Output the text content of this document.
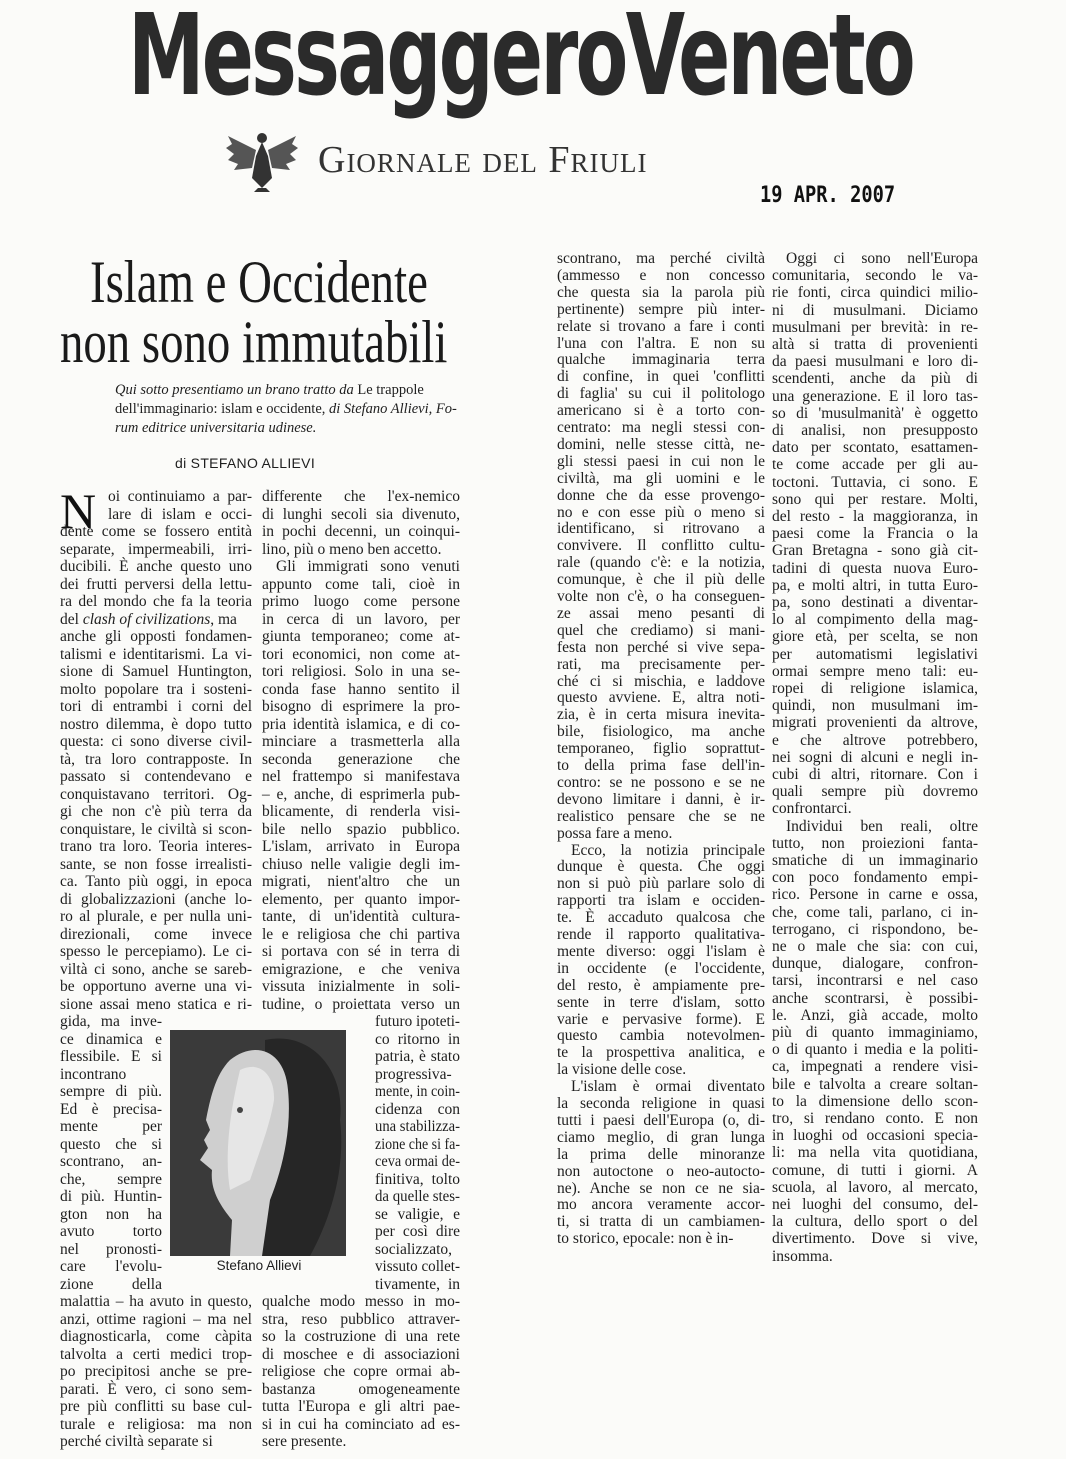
MessaggeroVeneto
Giornale del Friuli
19 APR. 2007
Islam e Occidente
non sono immutabili
Qui sotto presentiamo un brano tratto da Le trappole
dell'immaginario: islam e occidente, di Stefano Allievi, Fo-
rum editrice universitaria udinese.
di STEFANO ALLIEVI
N
Stefano Allievi
oi continuiamo a par-
lare di islam e occi-
dente come se fossero entità
separate, impermeabili, irri-
ducibili. È anche questo uno
dei frutti perversi della lettu-
ra del mondo che fa la teoria
del clash of civilizations, ma
anche gli opposti fondamen-
talismi e identitarismi. La vi-
sione di Samuel Huntington,
molto popolare tra i sosteni-
tori di entrambi i corni del
nostro dilemma, è dopo tutto
questa: ci sono diverse civil-
tà, tra loro contrapposte. In
passato si contendevano e
conquistavano territori. Og-
gi che non c'è più terra da
conquistare, le civiltà si scon-
trano tra loro. Teoria interes-
sante, se non fosse irrealisti-
ca. Tanto più oggi, in epoca
di globalizzazioni (anche lo-
ro al plurale, e per nulla uni-
direzionali, come invece
spesso le percepiamo). Le ci-
viltà ci sono, anche se sareb-
be opportuno averne una vi-
sione assai meno statica e ri-
gida, ma inve-
ce dinamica e
flessibile. E si
incontrano
sempre di più.
Ed è precisa-
mente per
questo che si
scontrano, an-
che, sempre
di più. Huntin-
gton non ha
avuto torto
nel pronosti-
care l'evolu-
zione della
malattia – ha avuto in questo,
anzi, ottime ragioni – ma nel
diagnosticarla, come càpita
talvolta a certi medici trop-
po precipitosi anche se pre-
parati. È vero, ci sono sem-
pre più conflitti su base cul-
turale e religiosa: ma non
perché civiltà separate si
differente che l'ex-nemico
di lunghi secoli sia divenuto,
in pochi decenni, un coinqui-
lino, più o meno ben accetto.
Gli immigrati sono venuti
appunto come tali, cioè in
primo luogo come persone
in cerca di un lavoro, per
giunta temporaneo; come at-
tori economici, non come at-
tori religiosi. Solo in una se-
conda fase hanno sentito il
bisogno di esprimere la pro-
pria identità islamica, e di co-
minciare a trasmetterla alla
seconda generazione che
nel frattempo si manifestava
– e, anche, di esprimerla pub-
blicamente, di renderla visi-
bile nello spazio pubblico.
L'islam, arrivato in Europa
chiuso nelle valigie degli im-
migrati, nient'altro che un
elemento, per quanto impor-
tante, di un'identità cultura-
le e religiosa che chi partiva
si portava con sé in terra di
emigrazione, e che veniva
vissuta inizialmente in soli-
tudine, o proiettata verso un
futuro ipoteti-
co ritorno in
patria, è stato
progressiva-
mente, in coin-
cidenza con
una stabilizza-
zione che si fa-
ceva ormai de-
finitiva, tolto
da quelle stes-
se valigie, e
per così dire
socializzato,
vissuto collet-
tivamente, in
qualche modo messo in mo-
stra, reso pubblico attraver-
so la costruzione di una rete
di moschee e di associazioni
religiose che copre ormai ab-
bastanza omogeneamente
tutta l'Europa e gli altri pae-
si in cui ha cominciato ad es-
sere presente.
scontrano, ma perché civiltà
(ammesso e non concesso
che questa sia la parola più
pertinente) sempre più inter-
relate si trovano a fare i conti
l'una con l'altra. E non su
qualche immaginaria terra
di confine, in quei 'conflitti
di faglia' su cui il politologo
americano si è a torto con-
centrato: ma negli stessi con-
domini, nelle stesse città, ne-
gli stessi paesi in cui non le
civiltà, ma gli uomini e le
donne che da esse provengo-
no e con esse più o meno si
identificano, si ritrovano a
convivere. Il conflitto cultu-
rale (quando c'è: e la notizia,
comunque, è che il più delle
volte non c'è, o ha conseguen-
ze assai meno pesanti di
quel che crediamo) si mani-
festa non perché si vive sepa-
rati, ma precisamente per-
ché ci si mischia, e laddove
questo avviene. E, altra noti-
zia, è in certa misura inevita-
bile, fisiologico, ma anche
temporaneo, figlio soprattut-
to della prima fase dell'in-
contro: se ne possono e se ne
devono limitare i danni, è ir-
realistico pensare che se ne
possa fare a meno.
Ecco, la notizia principale
dunque è questa. Che oggi
non si può più parlare solo di
rapporti tra islam e occiden-
te. È accaduto qualcosa che
rende il rapporto qualitativa-
mente diverso: oggi l'islam è
in occidente (e l'occidente,
del resto, è ampiamente pre-
sente in terre d'islam, sotto
varie e pervasive forme). E
questo cambia notevolmen-
te la prospettiva analitica, e
la visione delle cose.
L'islam è ormai diventato
la seconda religione in quasi
tutti i paesi dell'Europa (o, di-
ciamo meglio, di gran lunga
la prima delle minoranze
non autoctone o neo-autocto-
ne). Anche se non ce ne sia-
mo ancora veramente accor-
ti, si tratta di un cambiamen-
to storico, epocale: non è in-
Oggi ci sono nell'Europa
comunitaria, secondo le va-
rie fonti, circa quindici milio-
ni di musulmani. Diciamo
musulmani per brevità: in re-
altà si tratta di provenienti
da paesi musulmani e loro di-
scendenti, anche da più di
una generazione. E il loro tas-
so di 'musulmanità' è oggetto
di analisi, non presupposto
dato per scontato, esattamen-
te come accade per gli au-
toctoni. Tuttavia, ci sono. E
sono qui per restare. Molti,
del resto - la maggioranza, in
paesi come la Francia o la
Gran Bretagna - sono già cit-
tadini di questa nuova Euro-
pa, e molti altri, in tutta Euro-
pa, sono destinati a diventar-
lo al compimento della mag-
giore età, per scelta, se non
per automatismi legislativi
ormai sempre meno tali: eu-
ropei di religione islamica,
quindi, non musulmani im-
migrati provenienti da altrove,
e che altrove potrebbero,
nei sogni di alcuni e negli in-
cubi di altri, ritornare. Con i
quali sempre più dovremo
confrontarci.
Individui ben reali, oltre
tutto, non proiezioni fanta-
smatiche di un immaginario
con poco fondamento empi-
rico. Persone in carne e ossa,
che, come tali, parlano, ci in-
terrogano, ci rispondono, be-
ne o male che sia: con cui,
dunque, dialogare, confron-
tarsi, incontrarsi e nel caso
anche scontrarsi, è possibi-
le. Anzi, già accade, molto
più di quanto immaginiamo,
o di quanto i media e la politi-
ca, impegnati a rendere visi-
bile e talvolta a creare soltan-
to la dimensione dello scon-
tro, si rendano conto. E non
in luoghi od occasioni specia-
li: ma nella vita quotidiana,
comune, di tutti i giorni. A
scuola, al lavoro, al mercato,
nei luoghi del consumo, del-
la cultura, dello sport o del
divertimento. Dove si vive,
insomma.
